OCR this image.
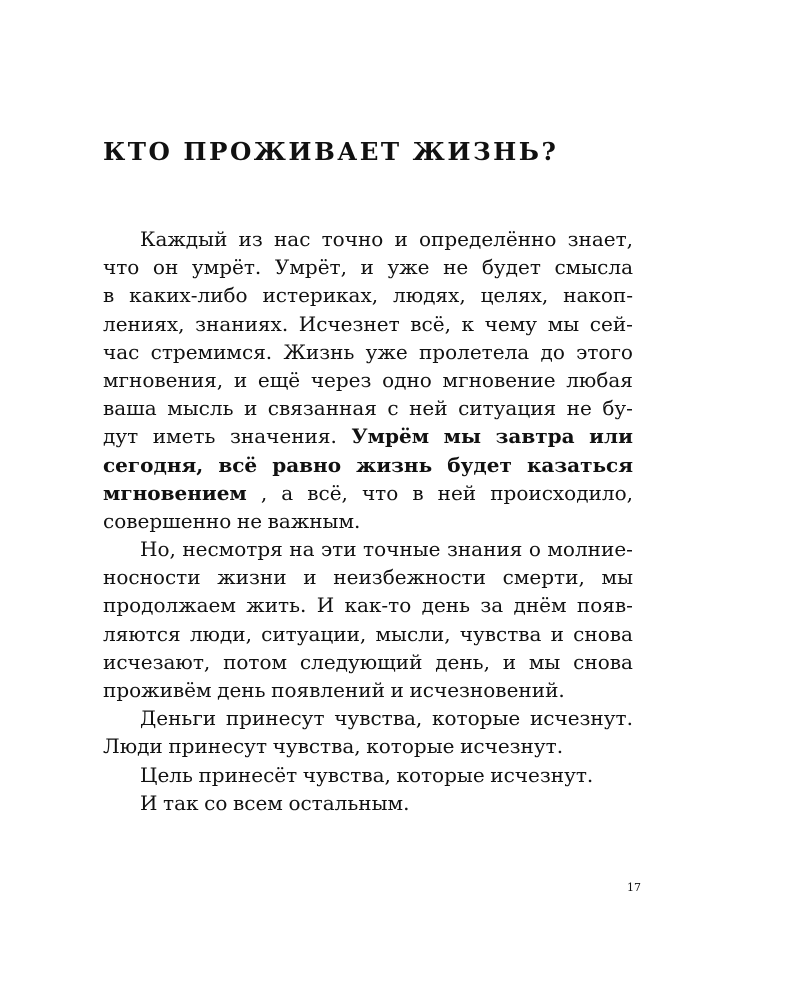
КТО ПРОЖИВАЕТ ЖИЗНЬ?
Каждый из нас точно и определённо знает,
что он умрёт. Умрёт, и уже не будет смысла
в каких-либо истериках, людях, целях, накоп-
лениях, знаниях. Исчезнет всё, к чему мы сей-
час стремимся. Жизнь уже пролетела до этого
мгновения, и ещё через одно мгновение любая
ваша мысль и связанная с ней ситуация не бу-
дут иметь значения. Умрём мы завтра или
сегодня, всё равно жизнь будет казаться
мгновением , а всё, что в ней происходило,
совершенно не важным.
Но, несмотря на эти точные знания о молние-
носности жизни и неизбежности смерти, мы
продолжаем жить. И как-то день за днём появ-
ляются люди, ситуации, мысли, чувства и снова
исчезают, потом следующий день, и мы снова
проживём день появлений и исчезновений.
Деньги принесут чувства, которые исчезнут.
Люди принесут чувства, которые исчезнут.
Цель принесёт чувства, которые исчезнут.
И так со всем остальным.
17
